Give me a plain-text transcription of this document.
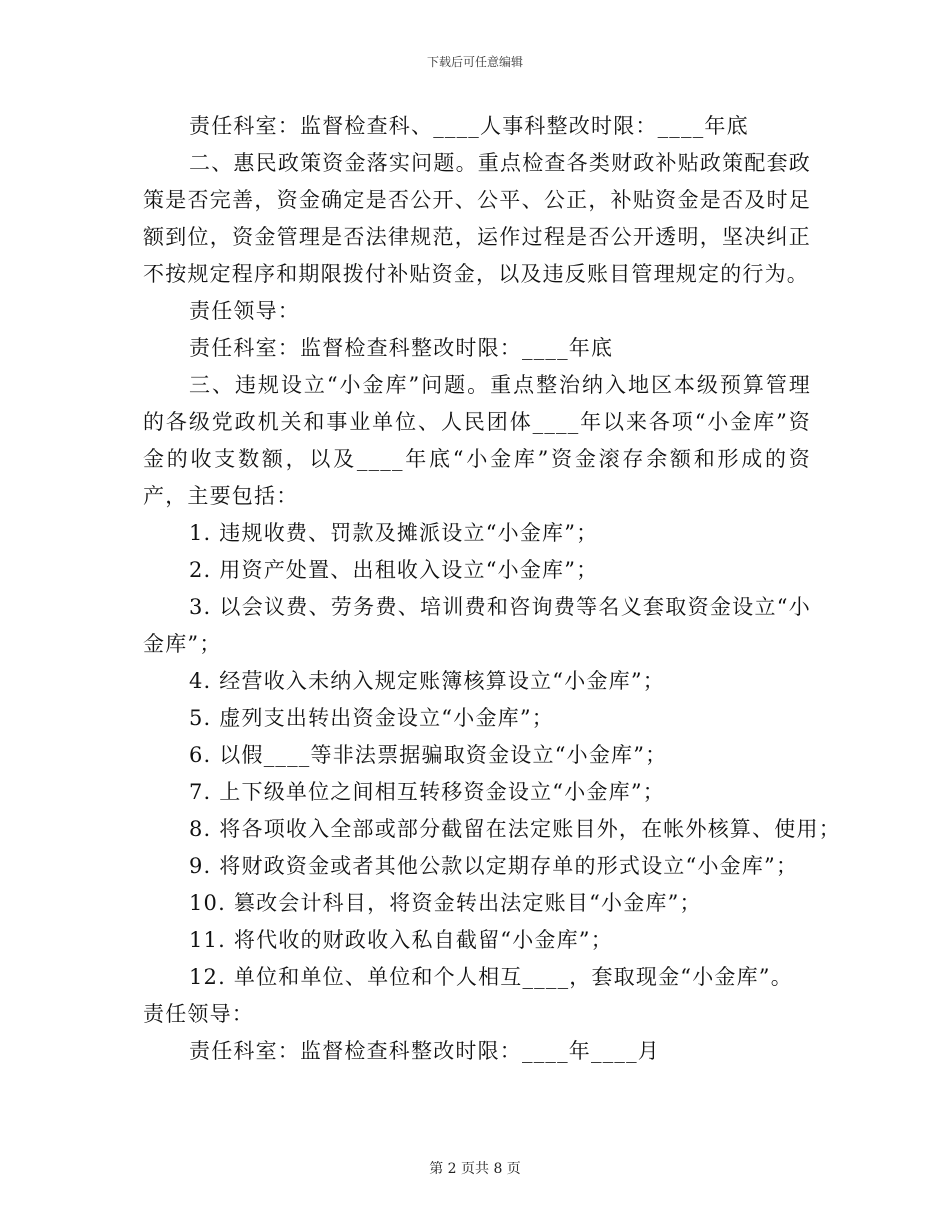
下载后可任意编辑
责任科室：监督检查科、____人事科整改时限：____年底
二、惠民政策资金落实问题。重点检查各类财政补贴政策配套政策是否完善，资金确定是否公开、公平、公正，补贴资金是否及时足额到位，资金管理是否法律规范，运作过程是否公开透明，坚决纠正不按规定程序和期限拨付补贴资金，以及违反账目管理规定的行为。
责任领导：
责任科室：监督检查科整改时限：____年底
三、违规设立“小金库”问题。重点整治纳入地区本级预算管理的各级党政机关和事业单位、人民团体____年以来各项“小金库”资金的收支数额，以及____年底“小金库”资金滚存余额和形成的资产，主要包括：
1. 违规收费、罚款及摊派设立“小金库”；
2. 用资产处置、出租收入设立“小金库”；
3. 以会议费、劳务费、培训费和咨询费等名义套取资金设立“小金库”；
4. 经营收入未纳入规定账簿核算设立“小金库”；
5. 虚列支出转出资金设立“小金库”；
6. 以假____等非法票据骗取资金设立“小金库”；
7. 上下级单位之间相互转移资金设立“小金库”；
8. 将各项收入全部或部分截留在法定账目外，在帐外核算、使用；
9. 将财政资金或者其他公款以定期存单的形式设立“小金库”；
10. 篡改会计科目，将资金转出法定账目“小金库”；
11. 将代收的财政收入私自截留“小金库”；
12. 单位和单位、单位和个人相互____，套取现金“小金库”。
责任领导：
责任科室：监督检查科整改时限：____年____月
第 2 页共 8 页
